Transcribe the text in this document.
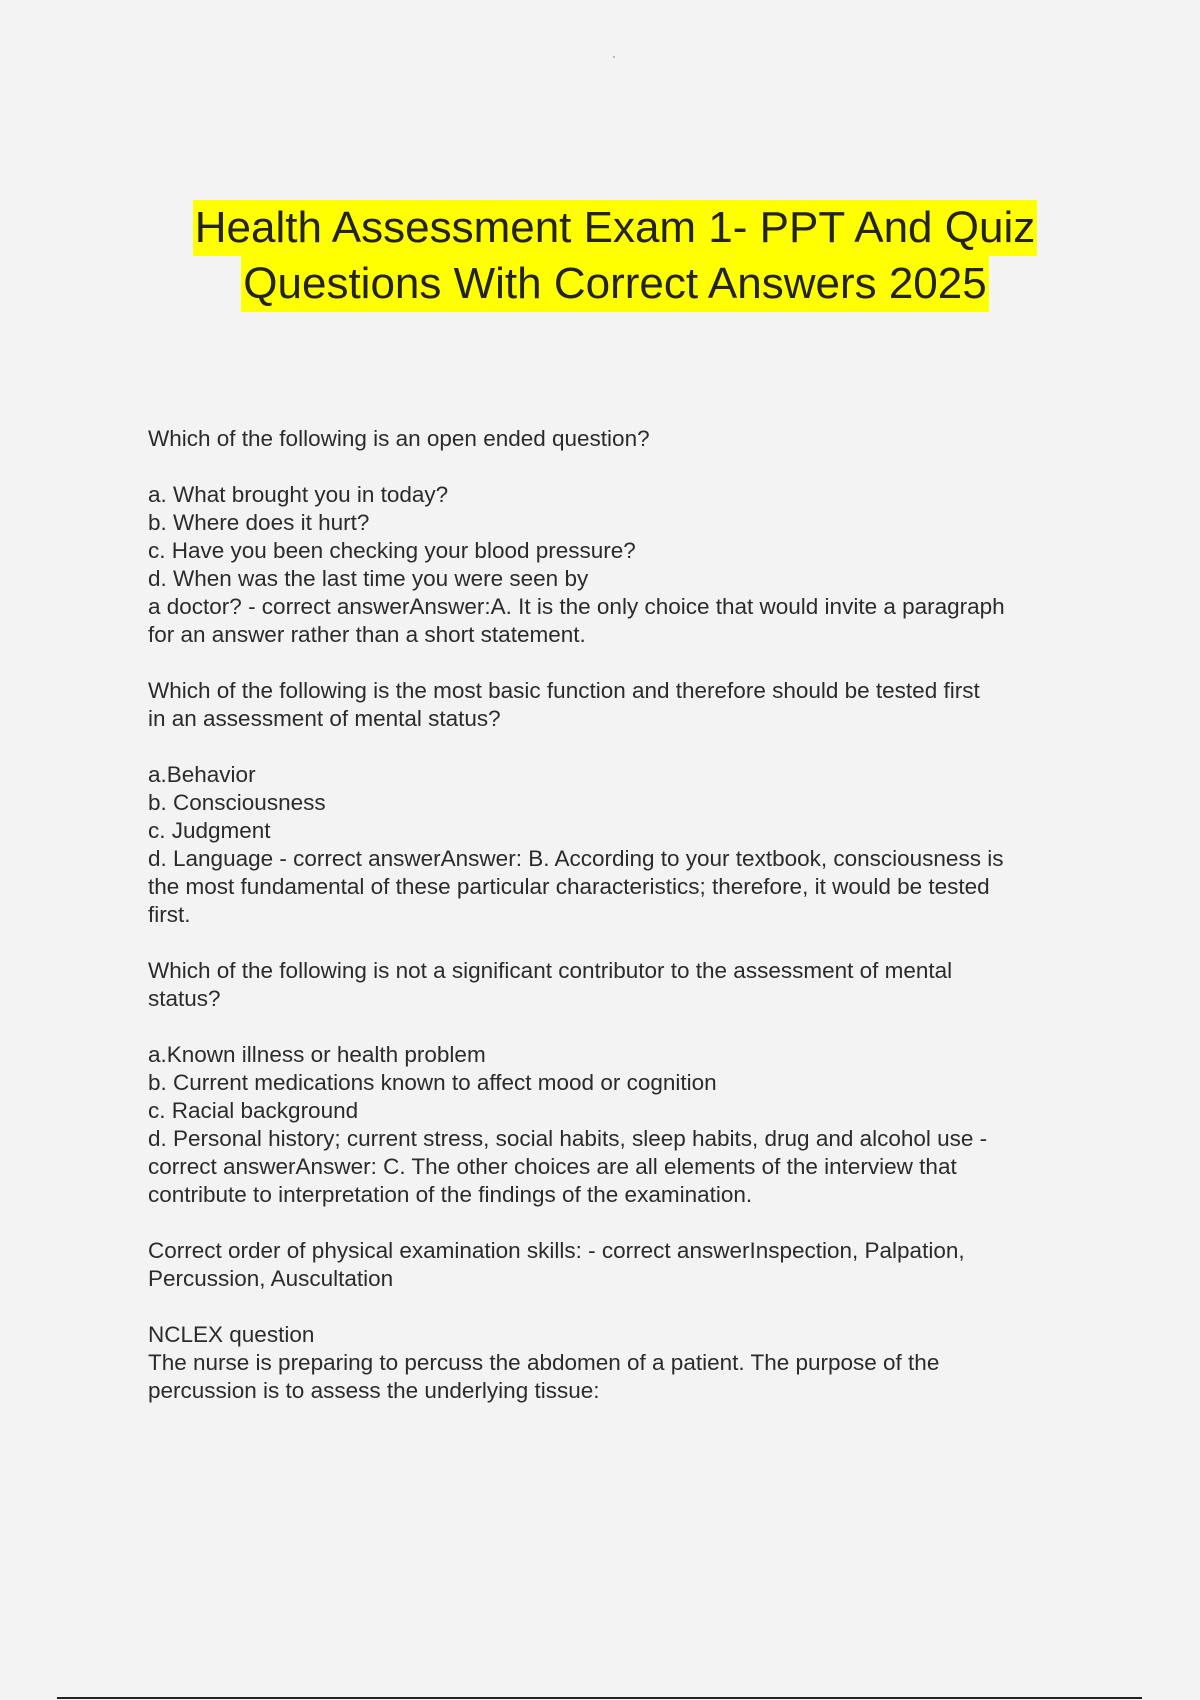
Health Assessment Exam 1- PPT And Quiz
Questions With Correct Answers 2025

Which of the following is an open ended question?

a. What brought you in today?

b. Where does it hurt?

c. Have you been checking your blood pressure?

d. When was the last time you were seen by

a doctor? - correct answerAnswer:A. It is the only choice that would invite a paragraph

for an answer rather than a short statement.

Which of the following is the most basic function and therefore should be tested first

in an assessment of mental status?

a.Behavior

b. Consciousness

c. Judgment

d. Language - correct answerAnswer: B. According to your textbook, consciousness is

the most fundamental of these particular characteristics; therefore, it would be tested

first.

Which of the following is not a significant contributor to the assessment of mental

status?

a.Known illness or health problem

b. Current medications known to affect mood or cognition

c. Racial background

d. Personal history; current stress, social habits, sleep habits, drug and alcohol use -

correct answerAnswer: C. The other choices are all elements of the interview that

contribute to interpretation of the findings of the examination.

Correct order of physical examination skills: - correct answerInspection, Palpation,

Percussion, Auscultation

NCLEX question

The nurse is preparing to percuss the abdomen of a patient. The purpose of the

percussion is to assess the underlying tissue:
